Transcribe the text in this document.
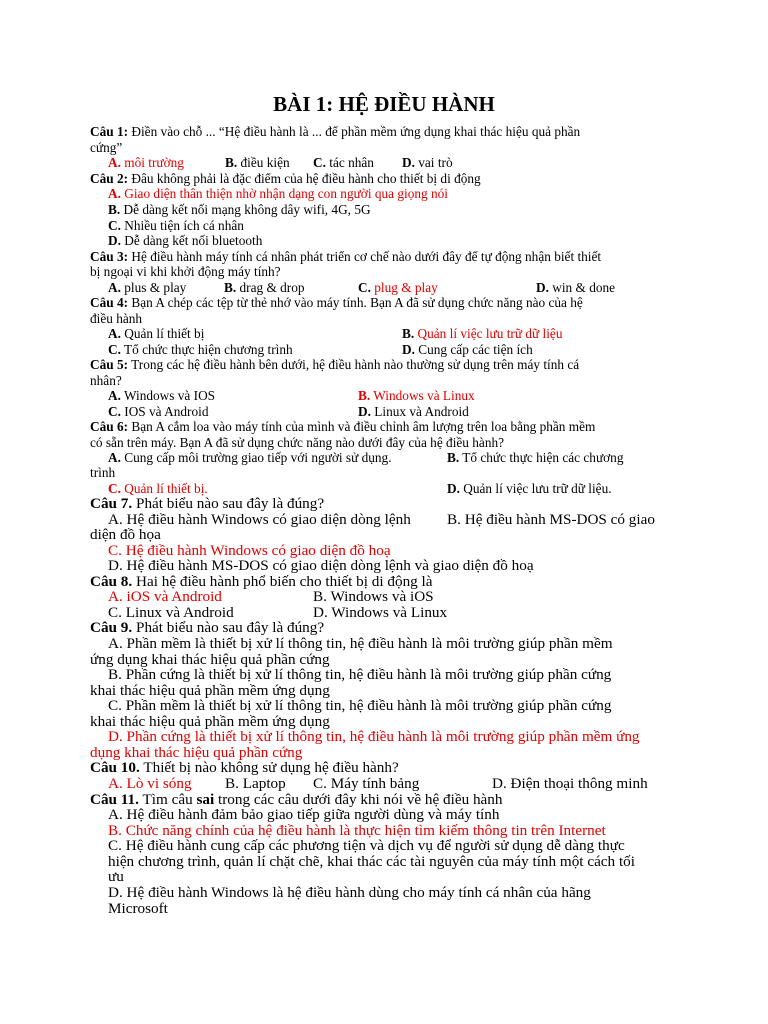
BÀI 1: HỆ ĐIỀU HÀNH
Câu 1: Điền vào chỗ ... “Hệ điều hành là ... để phần mềm ứng dụng khai thác hiệu quả phần
cứng”
A. môi trường	B. điều kiện C. tác nhân D. vai trò
Câu 2: Đâu không phải là đặc điểm của hệ điều hành cho thiết bị di động
A. Giao diện thân thiện nhờ nhận dạng con người qua giọng nói
B. Dễ dàng kết nối mạng không dây wifi, 4G, 5G
C. Nhiều tiện ích cá nhân
D. Dễ dàng kết nối bluetooth
Câu 3: Hệ điều hành máy tính cá nhân phát triển cơ chế nào dưới đây để tự động nhận biết thiết
bị ngoại vi khi khởi động máy tính?
A. plus & play	B. drag & drop	C. plug & play	D. win & done
Câu 4: Bạn A chép các tệp từ thẻ nhớ vào máy tính. Bạn A đã sử dụng chức năng nào của hệ
điều hành
A. Quản lí thiết bị	B. Quản lí việc lưu trữ dữ liệu
C. Tổ chức thực hiện chương trình	D. Cung cấp các tiện ích
Câu 5: Trong các hệ điều hành bên dưới, hệ điều hành nào thường sử dụng trên máy tính cá
nhân?
A. Windows và IOS	B. Windows và Linux
C. IOS và Android	D. Linux và Android
Câu 6: Bạn A cắm loa vào máy tính của mình và điều chỉnh âm lượng trên loa bằng phần mềm
có sẵn trên máy. Bạn A đã sử dụng chức năng nào dưới đây của hệ điều hành?
A. Cung cấp môi trường giao tiếp với người sử dụng.	B. Tổ chức thực hiện các chương
trình
C. Quản lí thiết bị.	D. Quản lí việc lưu trữ dữ liệu.
Câu 7. Phát biểu nào sau đây là đúng?
A. Hệ điều hành Windows có giao diện dòng lệnh B. Hệ điều hành MS-DOS có giao
diện đồ họa
C. Hệ điều hành Windows có giao diện đồ hoạ
D. Hệ điều hành MS-DOS có giao diện dòng lệnh và giao diện đồ hoạ
Câu 8. Hai hệ điều hành phổ biến cho thiết bị di động là
A. iOS và Android	B. Windows và iOS
C. Linux và Android	D. Windows và Linux
Câu 9. Phát biểu nào sau đây là đúng?
A. Phần mềm là thiết bị xử lí thông tin, hệ điều hành là môi trường giúp phần mềm
ứng dụng khai thác hiệu quả phần cứng
B. Phần cứng là thiết bị xử lí thông tin, hệ điều hành là môi trường giúp phần cứng
khai thác hiệu quả phần mềm ứng dụng
C. Phần mềm là thiết bị xử lí thông tin, hệ điều hành là môi trường giúp phần cứng
khai thác hiệu quả phần mềm ứng dụng
D. Phần cứng là thiết bị xử lí thông tin, hệ điều hành là môi trường giúp phần mềm ứng
dụng khai thác hiệu quả phần cứng
Câu 10. Thiết bị nào không sử dụng hệ điều hành?
A. Lò vi sóng B. Laptop C. Máy tính bảng	D. Điện thoại thông minh
Câu 11. Tìm câu sai trong các câu dưới đây khi nói về hệ điều hành
A. Hệ điều hành đảm bảo giao tiếp giữa người dùng và máy tính
B. Chức năng chính của hệ điều hành là thực hiện tìm kiếm thông tin trên Internet
C. Hệ điều hành cung cấp các phương tiện và dịch vụ để người sử dụng dễ dàng thực
hiện chương trình, quản lí chặt chẽ, khai thác các tài nguyên của máy tính một cách tối
ưu
D. Hệ điều hành Windows là hệ điều hành dùng cho máy tính cá nhân của hãng
Microsoft
